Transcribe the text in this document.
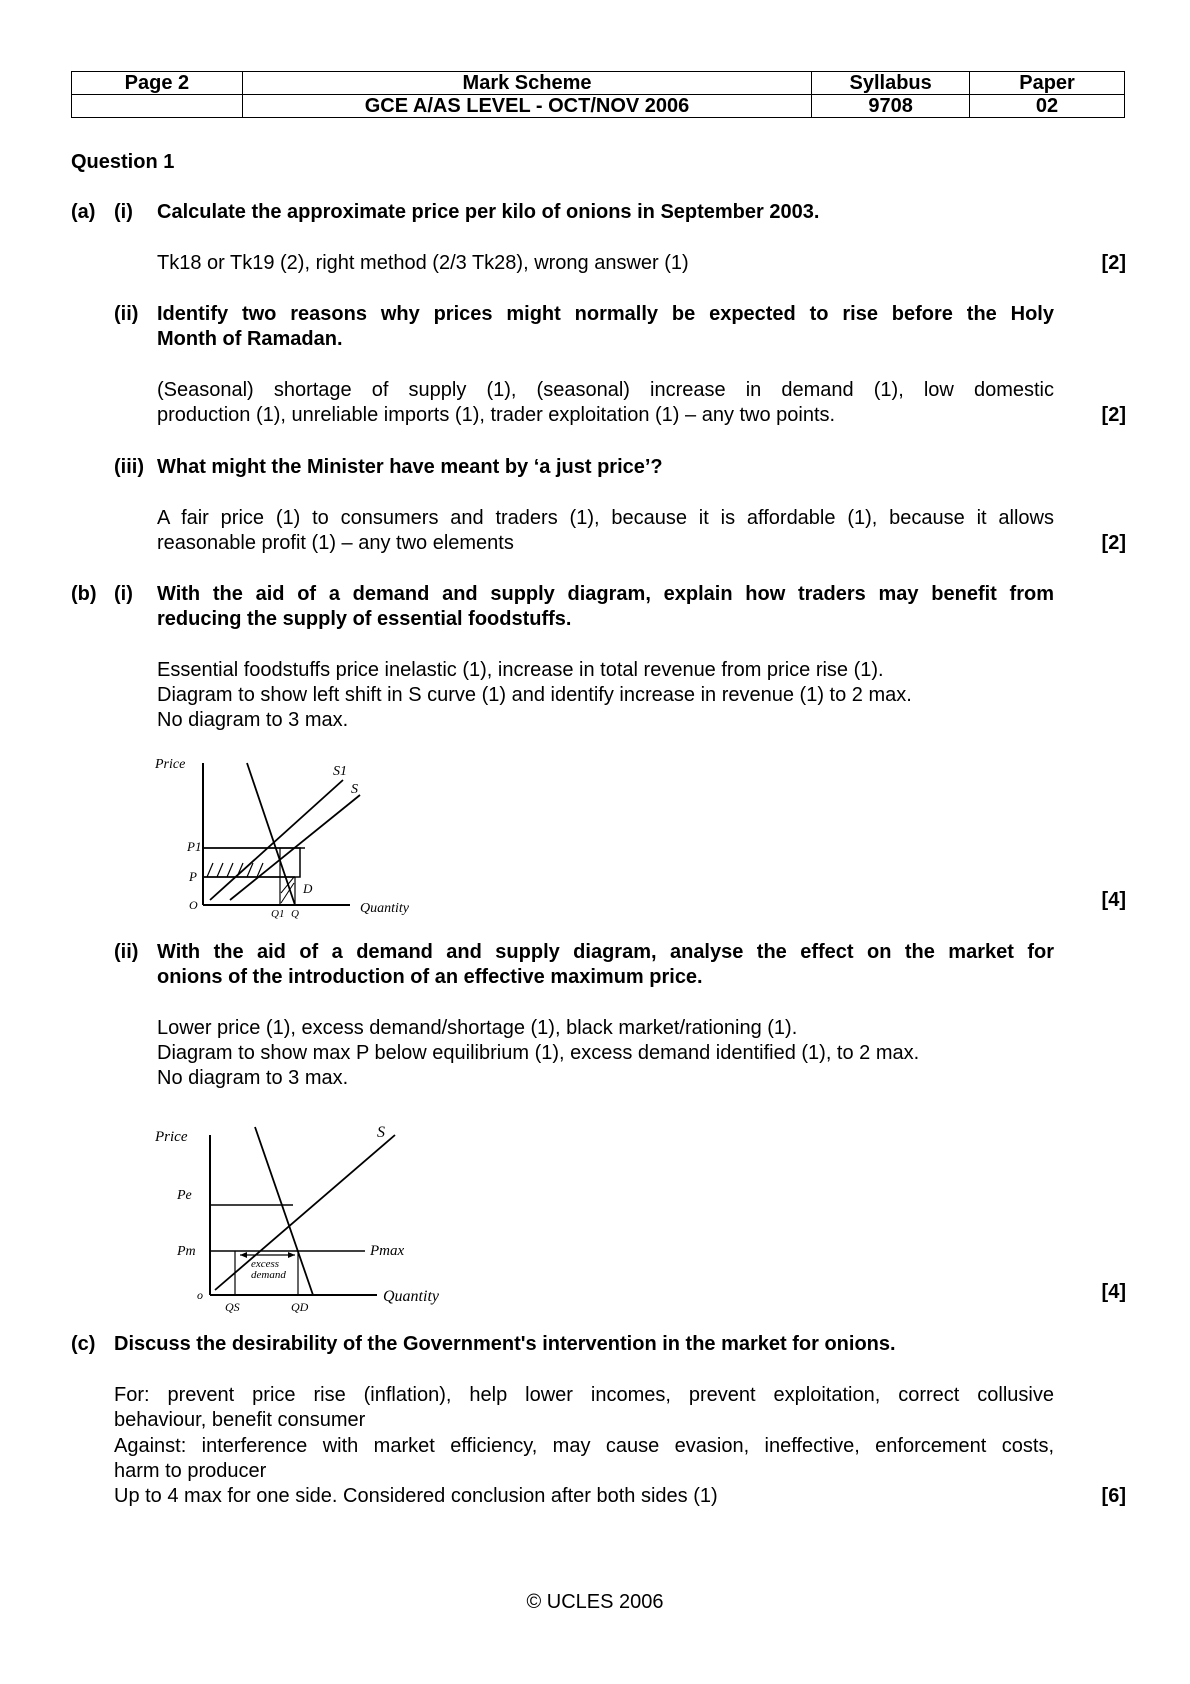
Page 2	Mark Scheme	Syllabus	Paper
	GCE A/AS LEVEL - OCT/NOV 2006	9708	02
Question 1
(a) (i) Calculate the approximate price per kilo of onions in September 2003.
Tk18 or Tk19 (2), right method (2/3 Tk28), wrong answer (1)	[2]
(ii) Identify two reasons why prices might normally be expected to rise before the Holy
Month of Ramadan.
(Seasonal) shortage of supply (1), (seasonal) increase in demand (1), low domestic
production (1), unreliable imports (1), trader exploitation (1) – any two points.	[2]
(iii) What might the Minister have meant by ‘a just price’?
A fair price (1) to consumers and traders (1), because it is affordable (1), because it allows
reasonable profit (1) – any two elements	[2]
(b) (i) With the aid of a demand and supply diagram, explain how traders may benefit from
reducing the supply of essential foodstuffs.
Essential foodstuffs price inelastic (1), increase in total revenue from price rise (1).
Diagram to show left shift in S curve (1) and identify increase in revenue (1) to 2 max.
No diagram to 3 max.
Price
P1
P
O
Q1 Q
D
S1
S
Quantity	[4]
(ii) With the aid of a demand and supply diagram, analyse the effect on the market for
onions of the introduction of an effective maximum price.
Lower price (1), excess demand/shortage (1), black market/rationing (1).
Diagram to show max P below equilibrium (1), excess demand identified (1), to 2 max.
No diagram to 3 max.
Price
Pe
Pm
o
QS	QD
Pmax
S
excess
demand
Quantity	[4]
(c) Discuss the desirability of the Government's intervention in the market for onions.
For: prevent price rise (inflation), help lower incomes, prevent exploitation, correct collusive
behaviour, benefit consumer
Against: interference with market efficiency, may cause evasion, ineffective, enforcement costs,
harm to producer
Up to 4 max for one side. Considered conclusion after both sides (1)	[6]
© UCLES 2006
